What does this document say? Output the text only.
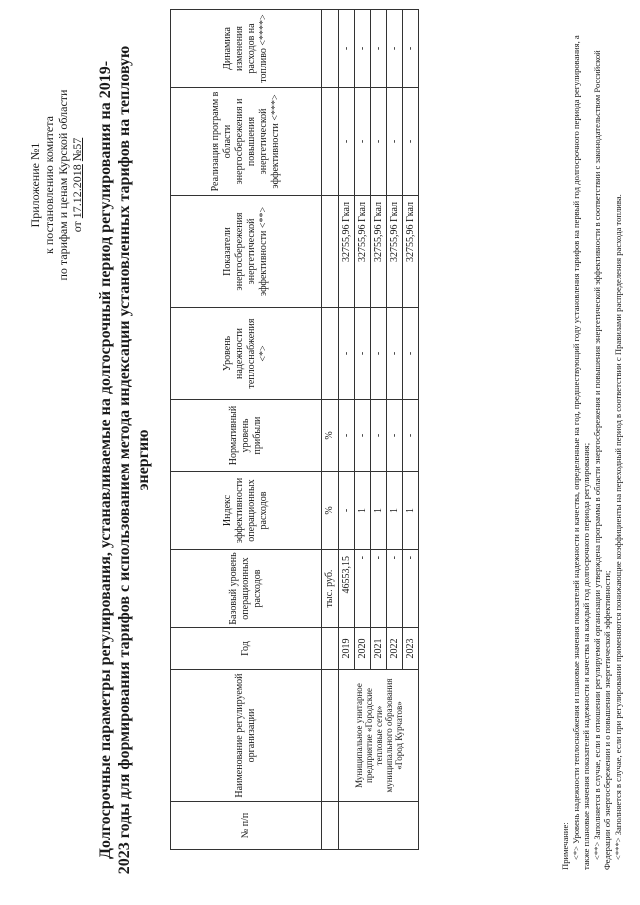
Приложение №1 к постановлению комитета по тарифам и ценам Курской области от 17.12.2018 №57 Долгосрочные параметры регулирования, устанавливаемые на долгосрочный период регулирования на 2019-2023 годы для формирования тарифов с использованием метода индексации установленных тарифов на тепловую энергию
№ п/п	Наименование регулируемой организации	Год	Базовый уровень операционных расходов	Индекс эффективности операционных расходов	Нормативный уровень прибыли	Уровень надежности теплоснабжения <*>	Показатели энергосбережения энергетической эффективности <**>	Реализация программ в области энергосбережения и повышения энергетической эффективности <***>	Динамика изменения расходов на топливо <****>
			тыс. руб.	%	%				
	Муниципальное унитарное предприятие «Городские тепловые сети» муниципального образования «Город Курчатов»	2019	46553,15	-	-	-	32755,96 Гкал	-	-
		2020	-	1	-	-	32755,96 Гкал	-	-
		2021	-	1	-	-	32755,96 Гкал	-	-
		2022	-	1	-	-	32755,96 Гкал	-	-
		2023	-	1	-	-	32755,96 Гкал	-	-

Примечание: <*> Уровень надежности теплоснабжения и плановые значения показателей надежности и качества, определенные на год, предшествующий году установления тарифов на первый год долгосрочного периода регулирования, а также плановые значения показателей надежности и качества на каждый год долгосрочного периода регулирования; <**> Заполняется в случае, если в отношении регулируемой организации утверждена программа в области энергосбережения и повышения энергетической эффективности в соответствии с законодательством Российской Федерации об энергосбережении и о повышении энергетической эффективности; <***> Заполняется в случае, если при регулировании применяются понижающие коэффициенты на переходный период в соответствии с Правилами распределения расхода топлива.
